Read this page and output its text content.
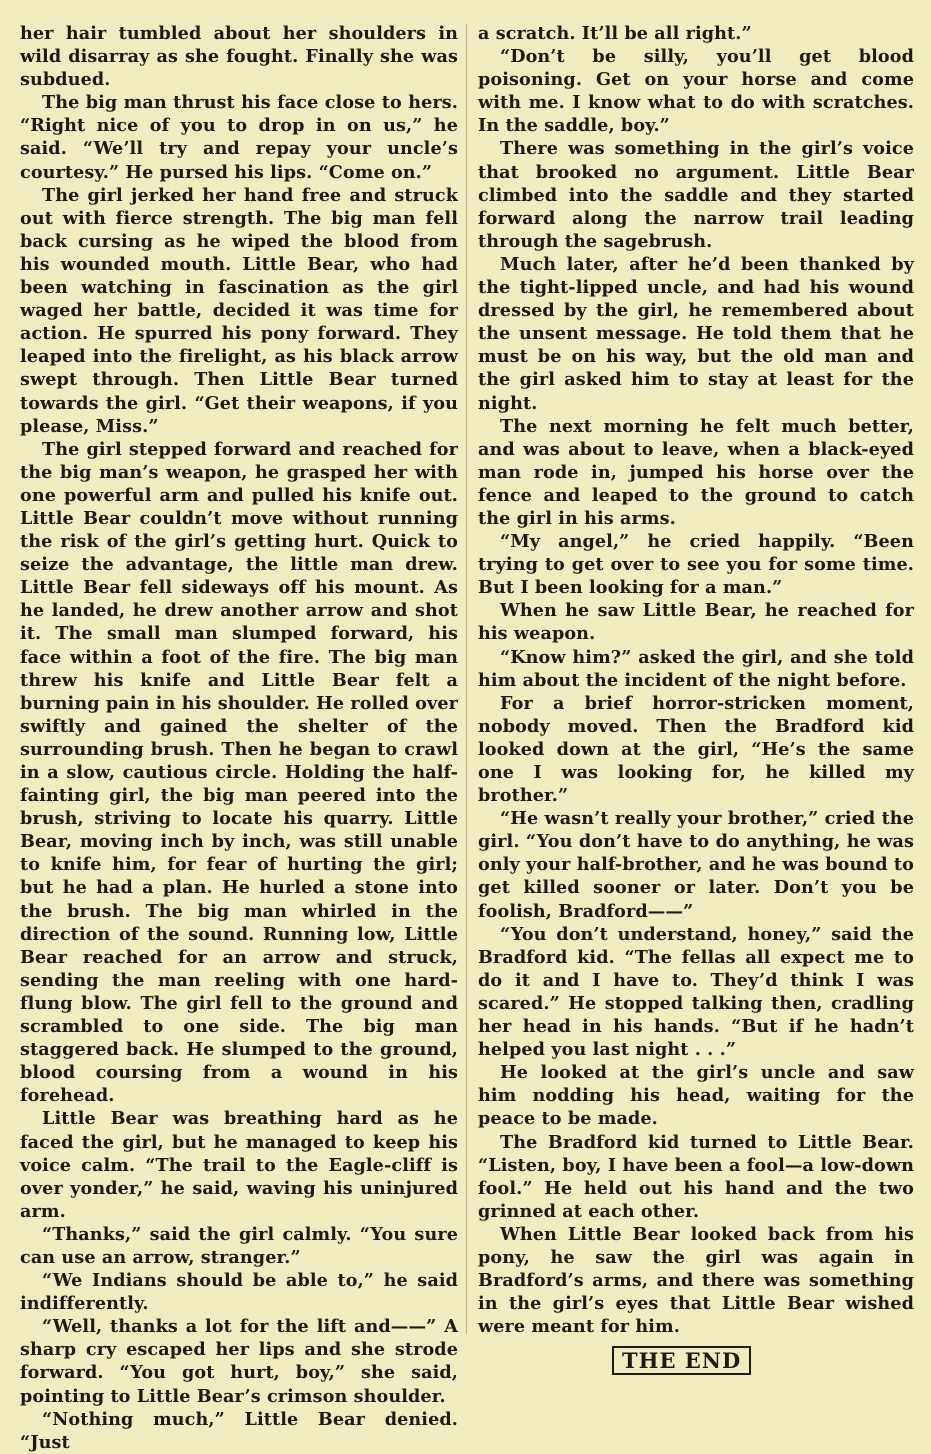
her hair tumbled about her shoulders in wild disarray as she fought. Finally she was subdued.

The big man thrust his face close to hers. “Right nice of you to drop in on us,” he said. “We’ll try and repay your uncle’s courtesy.” He pursed his lips. “Come on.”

The girl jerked her hand free and struck out with fierce strength. The big man fell back cursing as he wiped the blood from his wounded mouth. Little Bear, who had been watching in fascination as the girl waged her battle, decided it was time for action. He spurred his pony forward. They leaped into the firelight, as his black arrow swept through. Then Little Bear turned towards the girl. “Get their weapons, if you please, Miss.”

The girl stepped forward and reached for the big man’s weapon, he grasped her with one powerful arm and pulled his knife out. Little Bear couldn’t move without running the risk of the girl’s getting hurt. Quick to seize the advantage, the little man drew. Little Bear fell sideways off his mount. As he landed, he drew another arrow and shot it. The small man slumped forward, his face within a foot of the fire. The big man threw his knife and Little Bear felt a burning pain in his shoulder. He rolled over swiftly and gained the shelter of the surrounding brush. Then he began to crawl in a slow, cautious circle. Holding the half-fainting girl, the big man peered into the brush, striving to locate his quarry. Little Bear, moving inch by inch, was still unable to knife him, for fear of hurting the girl; but he had a plan. He hurled a stone into the brush. The big man whirled in the direction of the sound. Running low, Little Bear reached for an arrow and struck, sending the man reeling with one hard-flung blow. The girl fell to the ground and scrambled to one side. The big man staggered back. He slumped to the ground, blood coursing from a wound in his forehead.

Little Bear was breathing hard as he faced the girl, but he managed to keep his voice calm. “The trail to the Eagle-cliff is over yonder,” he said, waving his uninjured arm.

“Thanks,” said the girl calmly. “You sure can use an arrow, stranger.”

“We Indians should be able to,” he said indifferently.

“Well, thanks a lot for the lift and——” A sharp cry escaped her lips and she strode forward. “You got hurt, boy,” she said, pointing to Little Bear’s crimson shoulder.

“Nothing much,” Little Bear denied. “Just

a scratch. It’ll be all right.”

“Don’t be silly, you’ll get blood poisoning. Get on your horse and come with me. I know what to do with scratches. In the saddle, boy.”

There was something in the girl’s voice that brooked no argument. Little Bear climbed into the saddle and they started forward along the narrow trail leading through the sagebrush.

Much later, after he’d been thanked by the tight-lipped uncle, and had his wound dressed by the girl, he remembered about the unsent message. He told them that he must be on his way, but the old man and the girl asked him to stay at least for the night.

The next morning he felt much better, and was about to leave, when a black-eyed man rode in, jumped his horse over the fence and leaped to the ground to catch the girl in his arms.

“My angel,” he cried happily. “Been trying to get over to see you for some time. But I been looking for a man.”

When he saw Little Bear, he reached for his weapon.

“Know him?” asked the girl, and she told him about the incident of the night before.

For a brief horror-stricken moment, nobody moved. Then the Bradford kid looked down at the girl, “He’s the same one I was looking for, he killed my brother.”

“He wasn’t really your brother,” cried the girl. “You don’t have to do anything, he was only your half-brother, and he was bound to get killed sooner or later. Don’t you be foolish, Bradford——”

“You don’t understand, honey,” said the Bradford kid. “The fellas all expect me to do it and I have to. They’d think I was scared.” He stopped talking then, cradling her head in his hands. “But if he hadn’t helped you last night . . .”

He looked at the girl’s uncle and saw him nodding his head, waiting for the peace to be made.

The Bradford kid turned to Little Bear. “Listen, boy, I have been a fool—a low-down fool.” He held out his hand and the two grinned at each other.

When Little Bear looked back from his pony, he saw the girl was again in Bradford’s arms, and there was something in the girl’s eyes that Little Bear wished were meant for him.

THE END
